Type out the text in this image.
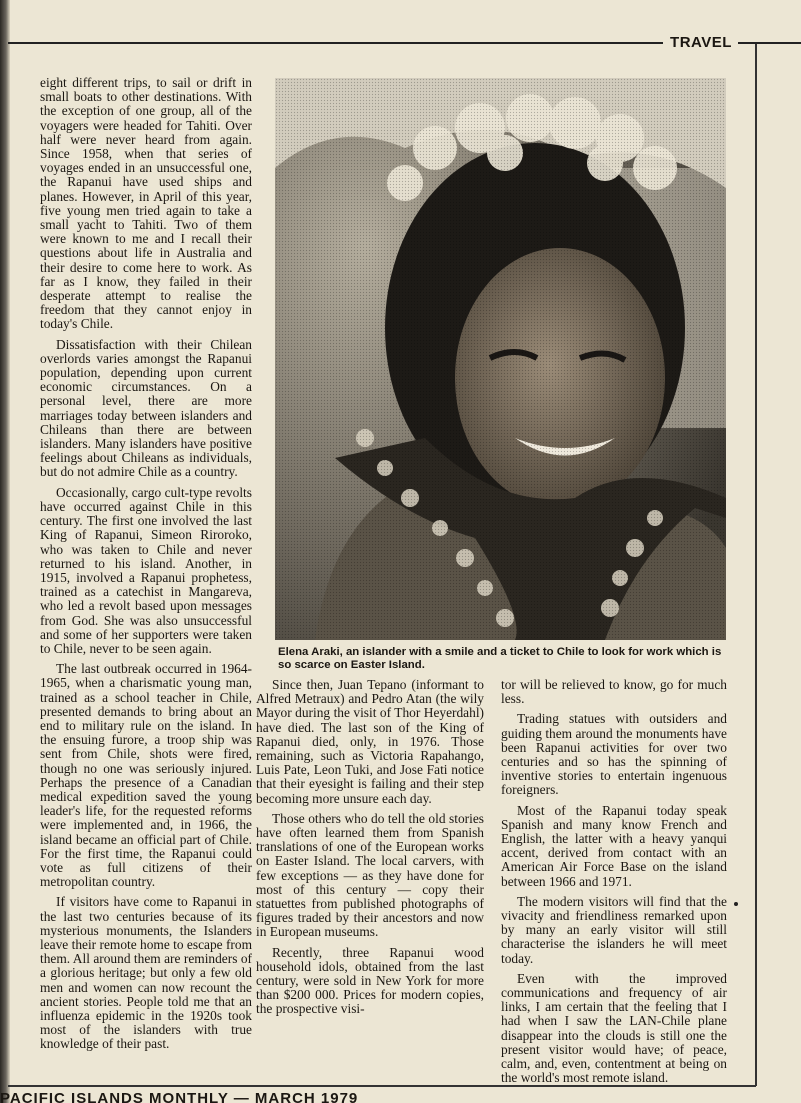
TRAVEL

eight different trips, to sail or drift in small boats to other destinations. With the exception of one group, all of the voyagers were headed for Tahiti. Over half were never heard from again. Since 1958, when that series of voyages ended in an unsuccessful one, the Rapanui have used ships and planes. However, in April of this year, five young men tried again to take a small yacht to Tahiti. Two of them were known to me and I recall their questions about life in Australia and their desire to come here to work. As far as I know, they failed in their desperate attempt to realise the freedom that they cannot enjoy in today's Chile.

Dissatisfaction with their Chilean overlords varies amongst the Rapanui population, depending upon current economic circumstances. On a personal level, there are more marriages today between islanders and Chileans than there are between islanders. Many islanders have positive feelings about Chileans as individuals, but do not admire Chile as a country.

Occasionally, cargo cult-type revolts have occurred against Chile in this century. The first one involved the last King of Rapanui, Simeon Riroroko, who was taken to Chile and never returned to his island. Another, in 1915, involved a Rapanui prophetess, trained as a catechist in Mangareva, who led a revolt based upon messages from God. She was also unsuccessful and some of her supporters were taken to Chile, never to be seen again.

The last outbreak occurred in 1964-1965, when a charismatic young man, trained as a school teacher in Chile, presented demands to bring about an end to military rule on the island. In the ensuing furore, a troop ship was sent from Chile, shots were fired, though no one was seriously injured. Perhaps the presence of a Canadian medical expedition saved the young leader's life, for the requested reforms were implemented and, in 1966, the island became an official part of Chile. For the first time, the Rapanui could vote as full citizens of their metropolitan country.

If visitors have come to Rapanui in the last two centuries because of its mysterious monuments, the Islanders leave their remote home to escape from them. All around them are reminders of a glorious heritage; but only a few old men and women can now recount the ancient stories. People told me that an influenza epidemic in the 1920s took most of the islanders with true knowledge of their past.

Elena Araki, an islander with a smile and a ticket to Chile to look for work which is so scarce on Easter Island.

Since then, Juan Tepano (informant to Alfred Metraux) and Pedro Atan (the wily Mayor during the visit of Thor Heyerdahl) have died. The last son of the King of Rapanui died, only, in 1976. Those remaining, such as Victoria Rapahango, Luis Pate, Leon Tuki, and Jose Fati notice that their eyesight is failing and their step becoming more unsure each day.

Those others who do tell the old stories have often learned them from Spanish translations of one of the European works on Easter Island. The local carvers, with few exceptions — as they have done for most of this century — copy their statuettes from published photographs of figures traded by their ancestors and now in European museums.

Recently, three Rapanui wood household idols, obtained from the last century, were sold in New York for more than $200 000. Prices for modern copies, the prospective visi-

tor will be relieved to know, go for much less.

Trading statues with outsiders and guiding them around the monuments have been Rapanui activities for over two centuries and so has the spinning of inventive stories to entertain ingenuous foreigners.

Most of the Rapanui today speak Spanish and many know French and English, the latter with a heavy yanqui accent, derived from contact with an American Air Force Base on the island between 1966 and 1971.

The modern visitors will find that the vivacity and friendliness remarked upon by many an early visitor will still characterise the islanders he will meet today.

Even with the improved communications and frequency of air links, I am certain that the feeling that I had when I saw the LAN-Chile plane disappear into the clouds is still one the present visitor would have; of peace, calm, and, even, contentment at being on the world's most remote island.

PACIFIC ISLANDS MONTHLY — MARCH 1979
